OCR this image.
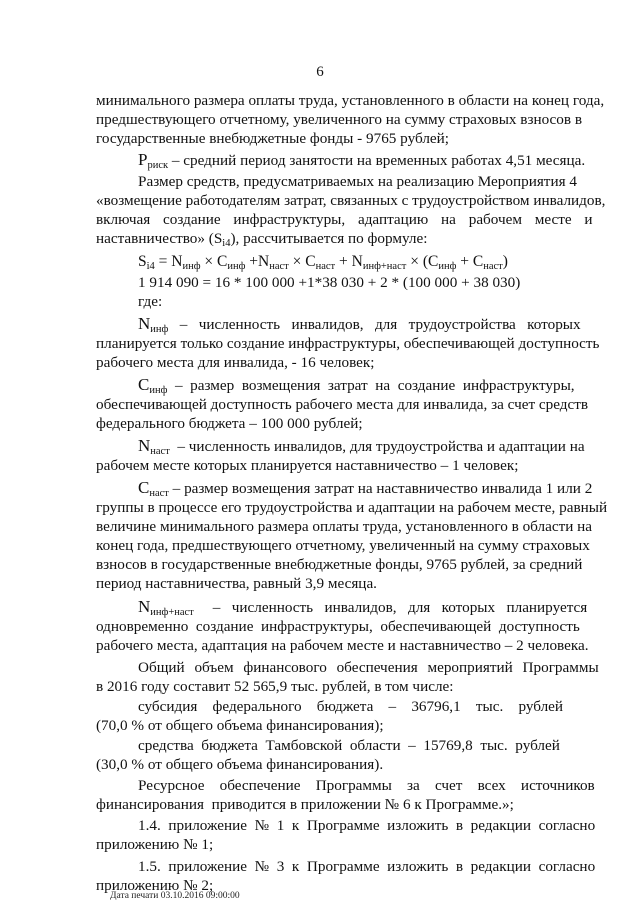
6
минимального размера оплаты труда, установленного в области на конец года,
предшествующего отчетному, увеличенного на сумму страховых взносов в
государственные внебюджетные фонды - 9765 рублей;
$P_{риск}$ – средний период занятости на временных работах 4,51 месяца.
Размер средств, предусматриваемых на реализацию Мероприятия 4
«возмещение работодателям затрат, связанных с трудоустройством инвалидов,
включая создание инфраструктуры, адаптацию на рабочем месте и
наставничество» $(S_{i4})$, рассчитывается по формуле:
$S_{i4} = N_{инф} \times C_{инф} +N_{наст} \times C_{наст} + N_{инф+наст} \times (C_{инф} + C_{наст})$
1 914 090 = 16 * 100 000 +1*38 030 + 2 * (100 000 + 38 030)
где:
$N_{инф}$   –   численность   инвалидов,   для   трудоустройства   которых
планируется только создание инфраструктуры, обеспечивающей доступность
рабочего места для инвалида, - 16 человек;
$C_{инф}$  –  размер  возмещения  затрат  на  создание  инфраструктуры,
обеспечивающей доступность рабочего места для инвалида, за счет средств
федерального бюджета – 100 000 рублей;
$N_{наст}$  – численность инвалидов, для трудоустройства и адаптации на
рабочем месте которых планируется наставничество – 1 человек;
$C_{наст}$ – размер возмещения затрат на наставничество инвалида 1 или 2
группы в процессе его трудоустройства и адаптации на рабочем месте, равный
величине минимального размера оплаты труда, установленного в области на
конец года, предшествующего отчетному, увеличенный на сумму страховых
взносов в государственные внебюджетные фонды, 9765 рублей, за средний
период наставничества, равный 3,9 месяца.
$N_{инф+наст}$     –   численность   инвалидов,   для   которых   планируется
одновременно  создание  инфраструктуры,  обеспечивающей  доступность
рабочего места, адаптация на рабочем месте и наставничество – 2 человека.
Общий объем финансового обеспечения мероприятий Программы
в 2016 году составит 52 565,9 тыс. рублей, в том числе:
субсидия    федерального    бюджета    –    36796,1    тыс.    рублей
(70,0 % от общего объема финансирования);
средства  бюджета  Тамбовской  области  –  15769,8  тыс.  рублей
(30,0 % от общего объема финансирования).
Ресурсное    обеспечение    Программы    за    счет    всех    источников
финансирования  приводится в приложении № 6 к Программе.»;
1.4.  приложение  №  1  к  Программе  изложить  в  редакции  согласно
приложению № 1;
1.5.  приложение  №  3  к  Программе  изложить  в  редакции  согласно
приложению № 2;
Дата печати 03.10.2016 09:00:00
